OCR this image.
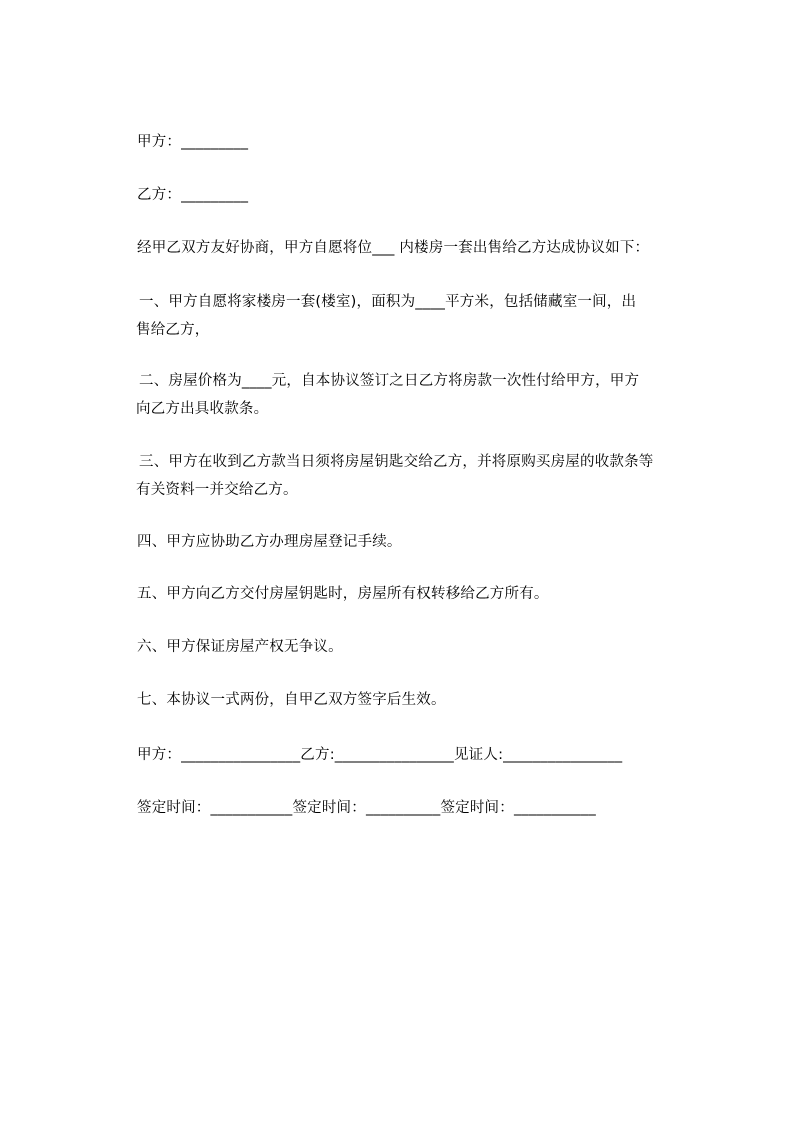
甲方：_________
乙方：_________
经甲乙双方友好协商，甲方自愿将位___ 内楼房一套出售给乙方达成协议如下：
一、甲方自愿将家楼房一套(楼室)，面积为____平方米，包括储藏室一间，出
售给乙方，
二、房屋价格为____元，自本协议签订之日乙方将房款一次性付给甲方，甲方
向乙方出具收款条。
三、甲方在收到乙方款当日须将房屋钥匙交给乙方，并将原购买房屋的收款条等
有关资料一并交给乙方。
四、甲方应协助乙方办理房屋登记手续。
五、甲方向乙方交付房屋钥匙时，房屋所有权转移给乙方所有。
六、甲方保证房屋产权无争议。
七、本协议一式两份，自甲乙双方签字后生效。
甲方：________________乙方:________________见证人:________________
签定时间：___________签定时间：__________签定时间：___________
